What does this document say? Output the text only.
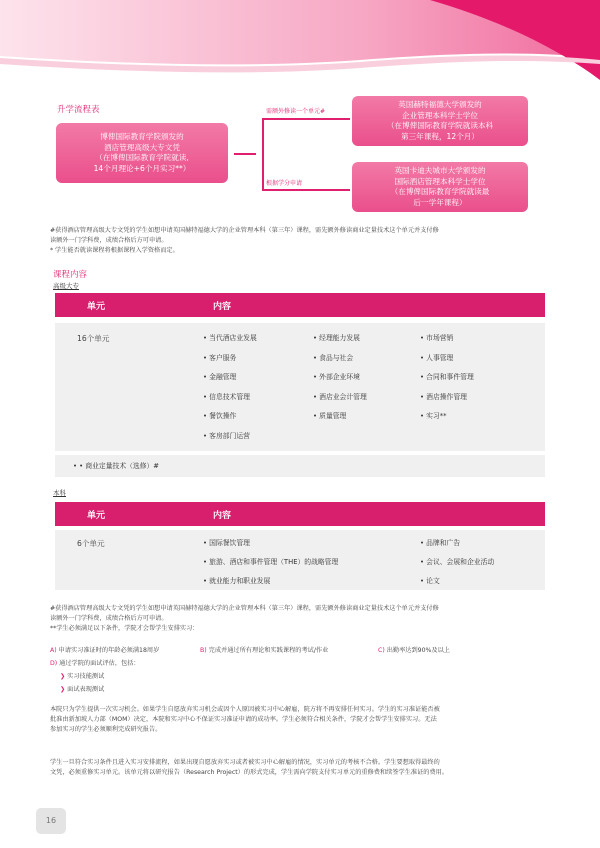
升学流程表
博俾国际教育学院颁发的
酒店管理高级大专文凭
（在博俾国际教育学院就读,
14个月理论+6个月实习**）
需额外修读一个单元#
根据学分申请
英国赫特福德大学颁发的
企业管理本科学士学位
（在博俾国际教育学院就读本科
第三年课程，12个月）
英国卡迪夫城市大学颁发的
国际酒店管理本科学士学位
（在博俾国际教育学院就读最
后一学年课程）
#获得酒店管理高级大专文凭的学生如想申请英国赫特福德大学的企业管理本科（第三年）课程，需先额外修读商业定量技术这个单元并支付修
读额外一门学科费，成绩合格后方可申请。
* 学生能否就读课程将根据课程入学资格而定。
课程内容
高级大专
单元	内容
16个单元	• 当代酒店业发展
• 客户服务
• 金融管理
• 信息技术管理
• 餐饮操作
• 客房部门运营
• 经理能力发展
• 食品与社会
• 外部企业环境
• 酒店业会计管理
• 质量管理
• 市场营销
• 人事管理
• 合同和事件管理
• 酒店操作管理
• 实习**
• • 商业定量技术（选修）#
本科
单元	内容
6个单元	• 国际餐饮管理
• 旅游、酒店和事件管理（THE）的战略管理
• 就业能力和职业发展
• 品牌和广告
• 会议、会展和企业活动
• 论文
#获得酒店管理高级大专文凭的学生如想申请英国赫特福德大学的企业管理本科（第三年）课程，需先额外修读商业定量技术这个单元并支付修
读额外一门学科费，成绩合格后方可申请。
**学生必须满足以下条件，学院才会帮学生安排实习：
A) 申请实习准证时的年龄必须满18周岁	B) 完成并通过所有理论和实践课程的考试/作业	C) 出勤率达到90%及以上
D) 通过学院的面试评估，包括：
❯ 实习技能测试
❯ 面试表现测试
本院只为学生提供一次实习机会。如果学生自愿放弃实习机会或因个人原因被实习中心解雇，院方将不再安排任何实习。学生的实习准证能否被
批准由新加坡人力部（MOM）决定，本院和实习中心不保证实习准证申请的成功率。学生必须符合相关条件，学院才会帮学生安排实习。无法
参加实习的学生必须顺利完成研究报告。
学生一旦符合实习条件且进入实习安排流程，如果出现自愿放弃实习或者被实习中心解雇的情况，实习单元的考核不合格。学生要想取得最终的
文凭，必须重修实习单元。该单元将以研究报告（Research Project）的形式完成，学生需向学院支付实习单元的重修费和续签学生准证的费用。
16
